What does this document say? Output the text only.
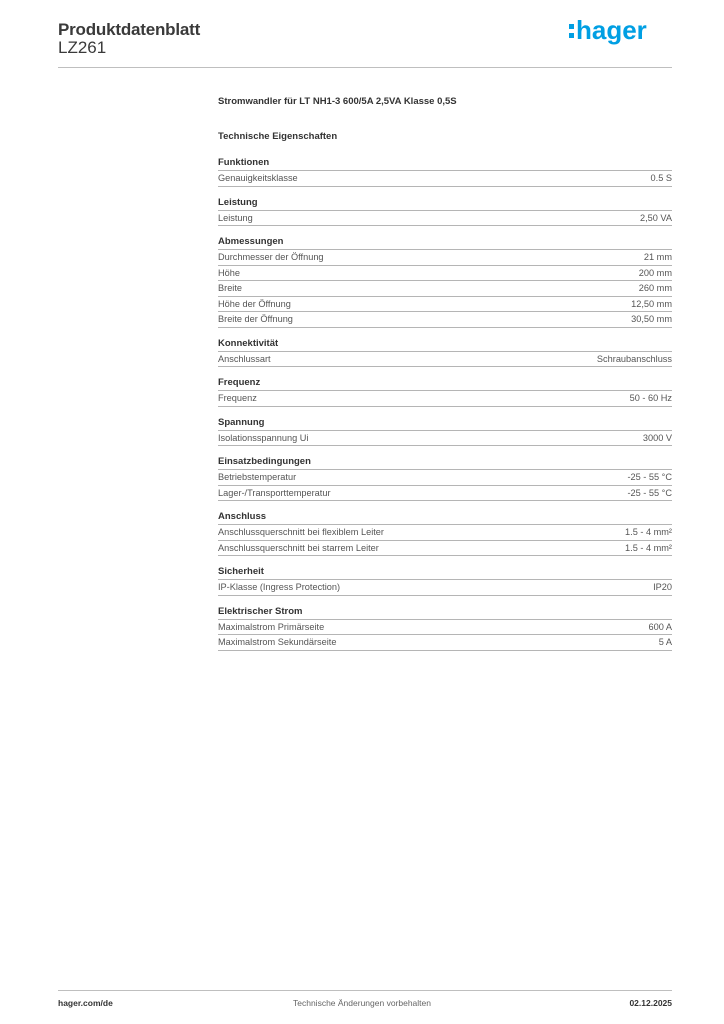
Produktdatenblatt
LZ261
hager
Stromwandler für LT NH1-3 600/5A 2,5VA Klasse 0,5S
Technische Eigenschaften
Funktionen
Genauigkeitsklasse	0.5 S
Leistung
Leistung	2,50 VA
Abmessungen
Durchmesser der Öffnung	21 mm
Höhe	200 mm
Breite	260 mm
Höhe der Öffnung	12,50 mm
Breite der Öffnung	30,50 mm
Konnektivität
Anschlussart	Schraubanschluss
Frequenz
Frequenz	50 - 60 Hz
Spannung
Isolationsspannung Ui	3000 V
Einsatzbedingungen
Betriebstemperatur	-25 - 55 °C
Lager-/Transporttemperatur	-25 - 55 °C
Anschluss
Anschlussquerschnitt bei flexiblem Leiter	1.5 - 4 mm²
Anschlussquerschnitt bei starrem Leiter	1.5 - 4 mm²
Sicherheit
IP-Klasse (Ingress Protection)	IP20
Elektrischer Strom
Maximalstrom Primärseite	600 A
Maximalstrom Sekundärseite	5 A
hager.com/de	Technische Änderungen vorbehalten	02.12.2025
